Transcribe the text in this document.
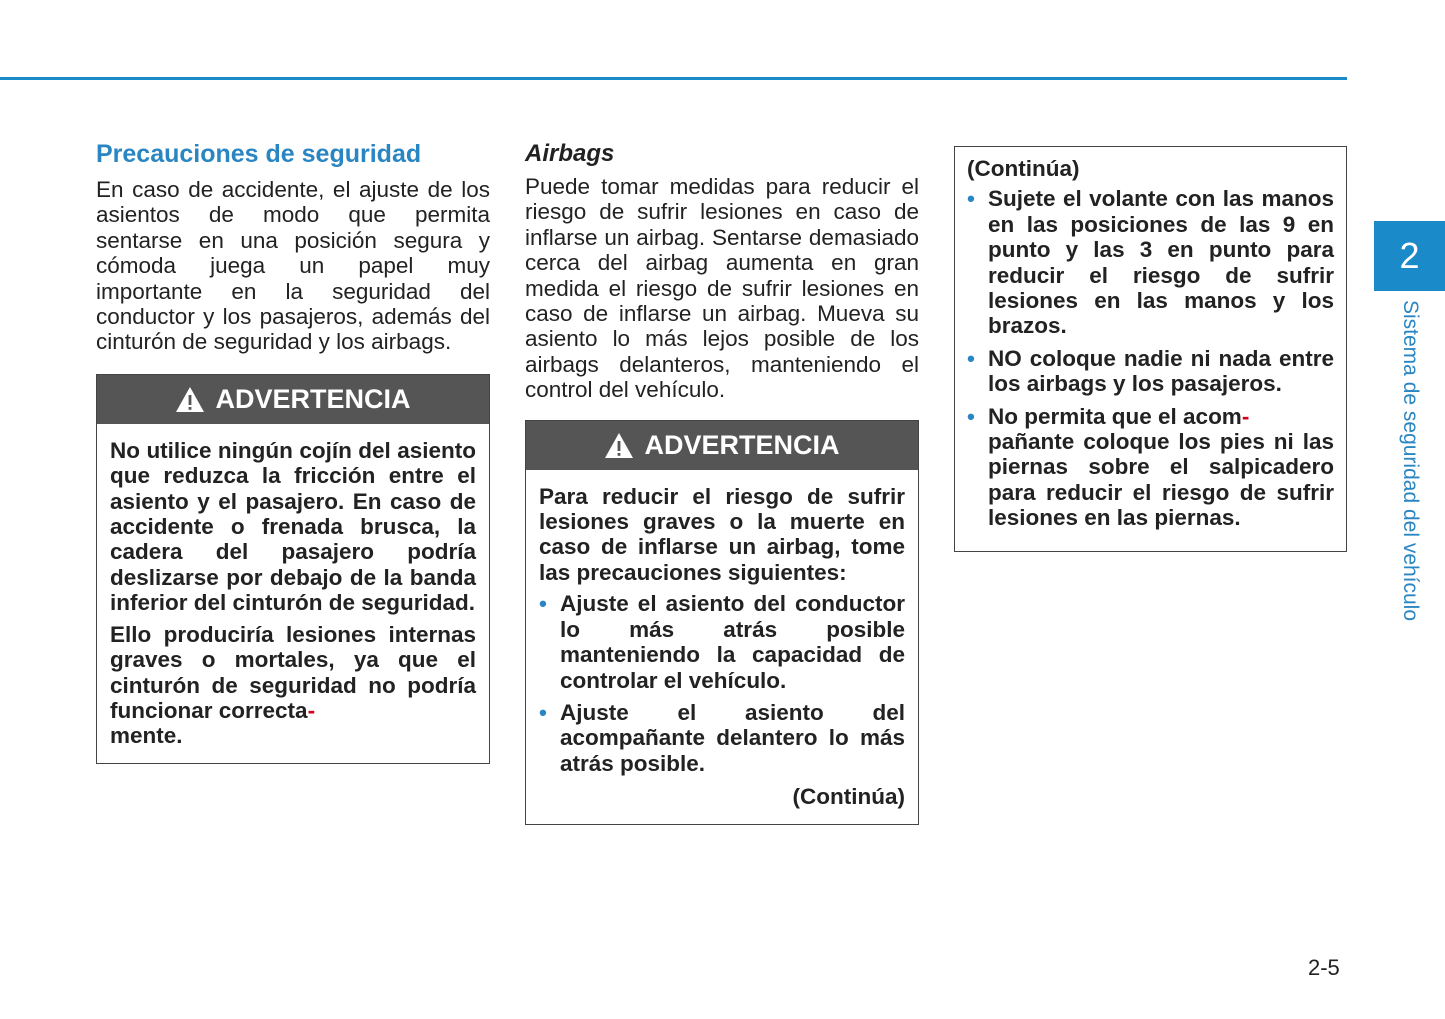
Precauciones de seguridad

En caso de accidente, el ajuste de los asientos de modo que permita sentarse en una posición segura y cómoda juega un papel muy importante en la seguridad del conductor y los pasajeros, además del cinturón de seguridad y los airbags.

ADVERTENCIA

No utilice ningún cojín del asiento que reduzca la fricción entre el asiento y el pasajero. En caso de accidente o frenada brusca, la cadera del pasajero podría deslizarse por debajo de la banda inferior del cinturón de seguridad.

Ello produciría lesiones internas graves o mortales, ya que el cinturón de seguridad no podría funcionar correcta-
mente.

Airbags

Puede tomar medidas para reducir el riesgo de sufrir lesiones en caso de inflarse un airbag. Sentarse demasiado cerca del airbag aumenta en gran medida el riesgo de sufrir lesiones en caso de inflarse un airbag. Mueva su asiento lo más lejos posible de los airbags delanteros, manteniendo el control del vehículo.

ADVERTENCIA

Para reducir el riesgo de sufrir lesiones graves o la muerte en caso de inflarse un airbag, tome las precauciones siguientes:

• Ajuste el asiento del conductor lo más atrás posible manteniendo la capacidad de controlar el vehículo.
• Ajuste el asiento del acompañante delantero lo más atrás posible.
(Continúa)
(Continúa)
• Sujete el volante con las manos en las posiciones de las 9 en punto y las 3 en punto para reducir el riesgo de sufrir lesiones en las manos y los brazos.
• NO coloque nadie ni nada entre los airbags y los pasajeros.
• No permita que el acom-
pañante coloque los pies ni las piernas sobre el salpicadero para reducir el riesgo de sufrir lesiones en las piernas.
2
Sistema de seguridad del vehículo
2-5
